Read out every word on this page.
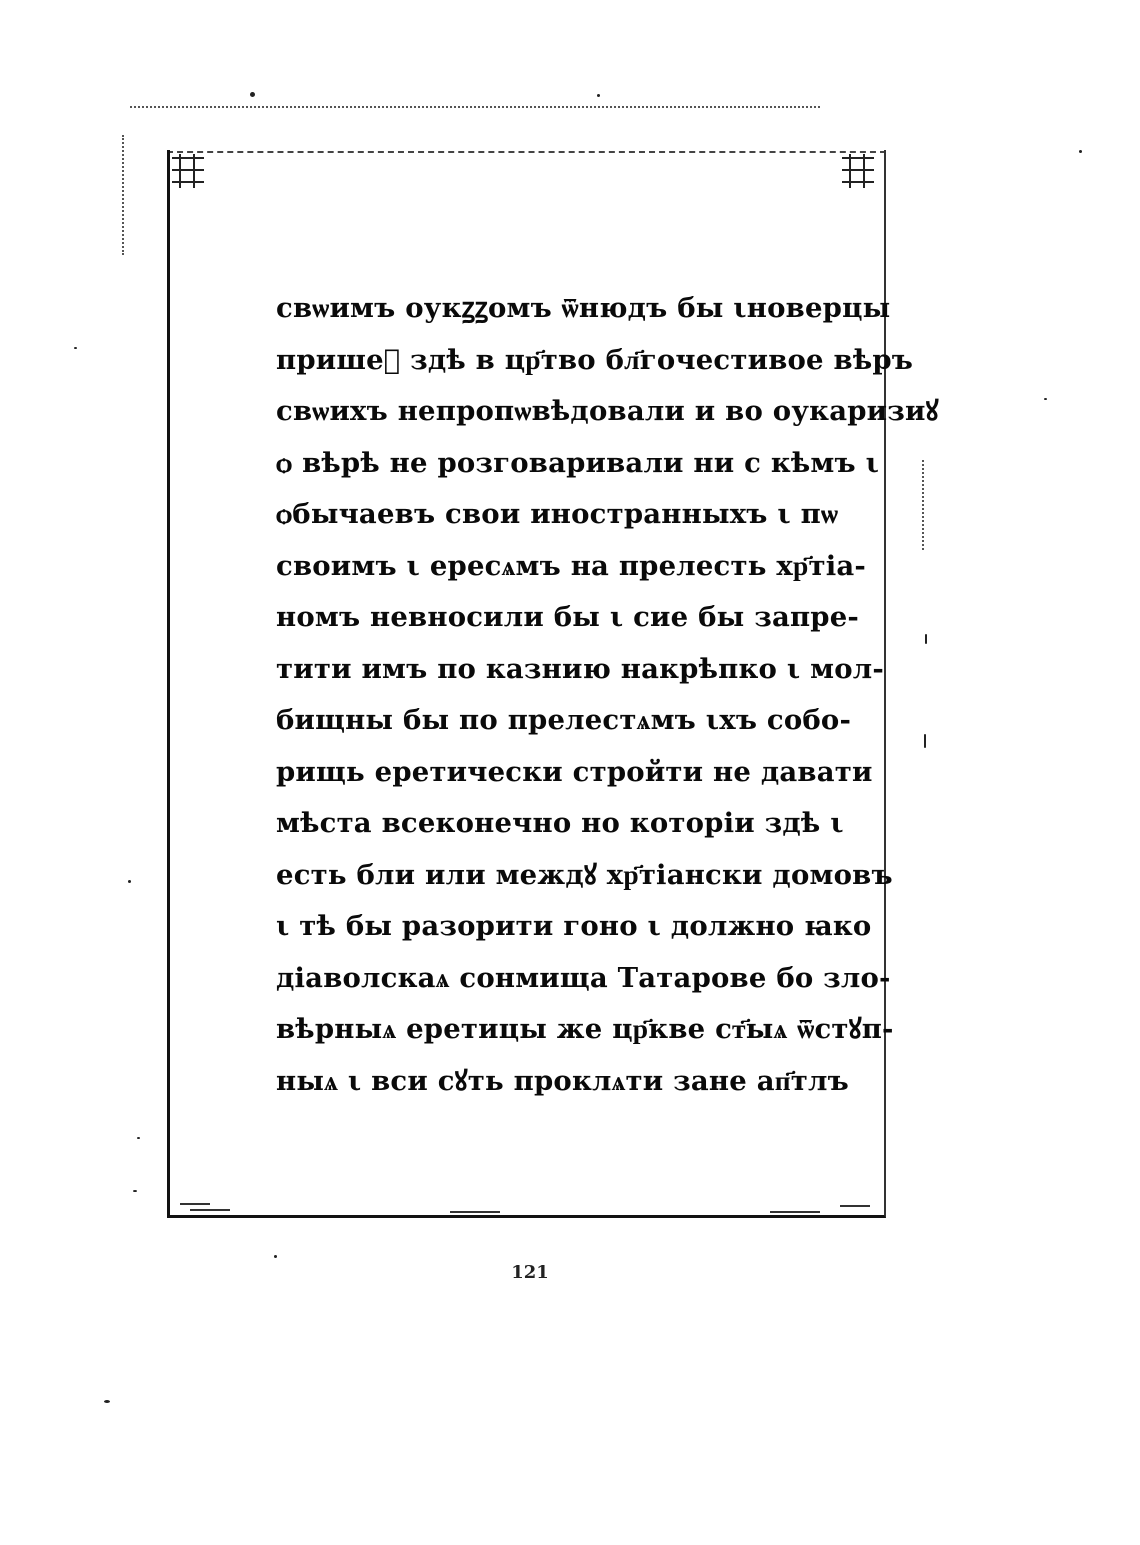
свѡимъ оукꙁꙁомъ ѿнюдъ бы ιноверцы
пришеⷣ здѣ в цр҃тво бл҃гочестивое вѣръ
свѡихъ непропѡвѣдовали и во оукаризиꙋ
ѻ вѣрѣ не розговаривали ни с кѣмъ ι
ѻбычаевъ свои иностранныхъ ι пѡ
своимъ ι ересѧмъ на прелесть хр҃тiа-
номъ невносили бы ι сие бы запре-
тити имъ по казнию накрѣпко ι мол-
бищны бы по прелестѧмъ ιхъ собо-
рищь еретически стройти не давати
мѣста всеконечно но которiи здѣ ι
есть бли или междꙋ хр҃тiански домовъ
ι тѣ бы разорити гоно ι должно ꙗко
дiаволскаѧ сонмища Татарове бо зло-
вѣрныѧ еретицы же цр҃кве ст҃ыѧ ѿстꙋп-
ныѧ ι вси сꙋть проклѧти зане ап҃тлъ
121
